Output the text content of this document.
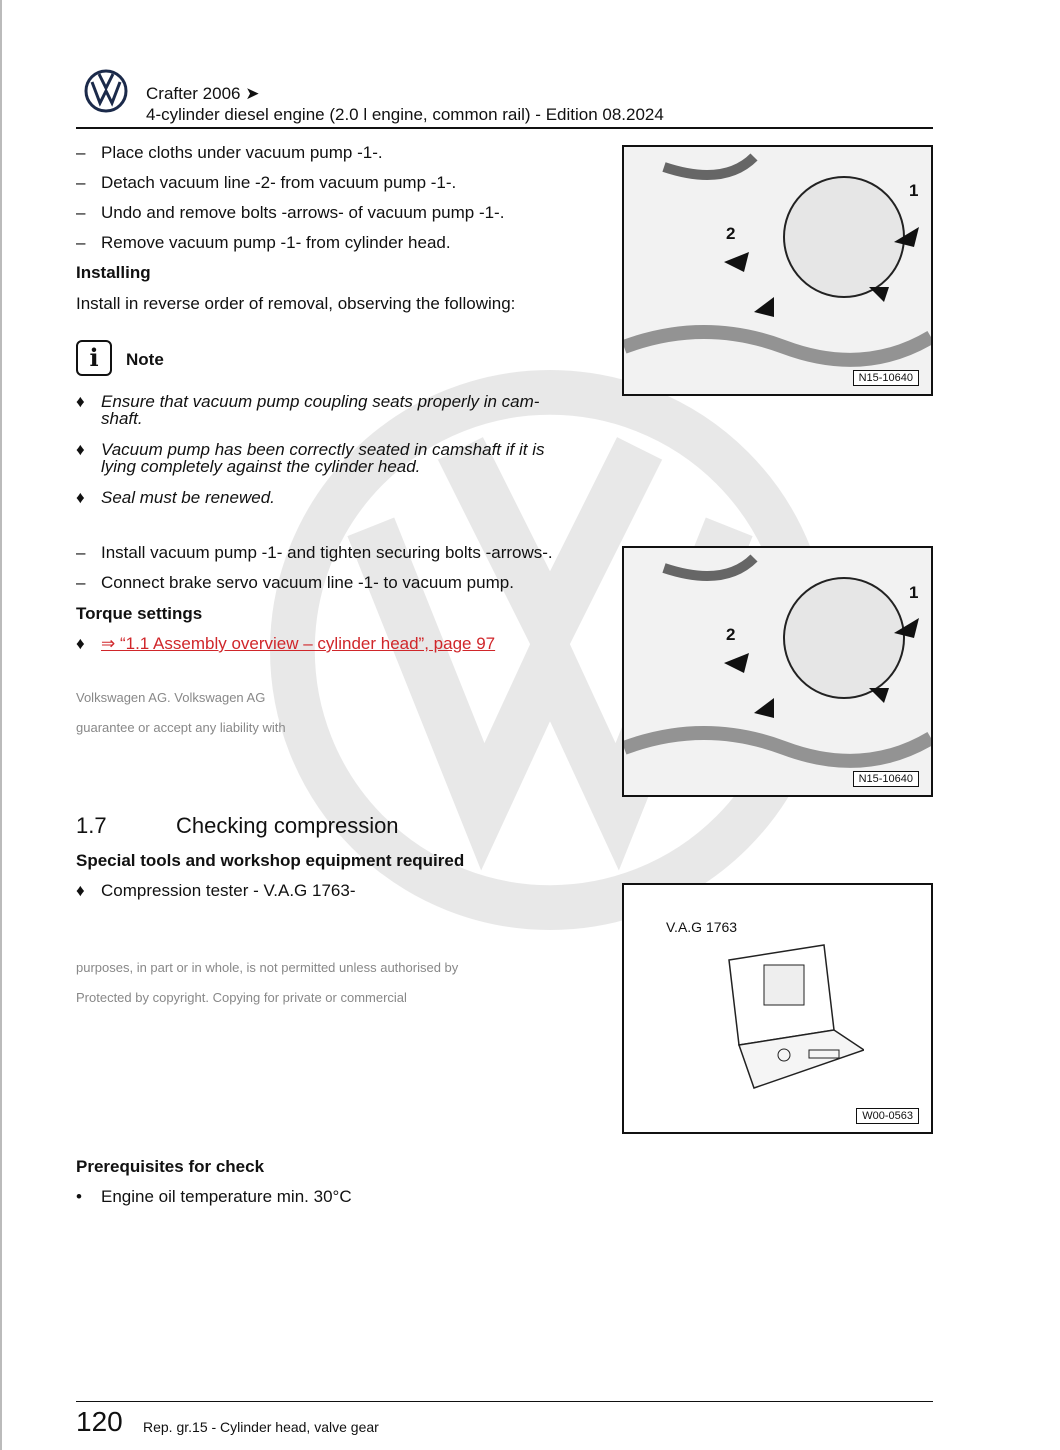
Volkswagen AG. Volkswagen AG
guarantee or accept any liability with
purposes, in part or in whole, is not permitted unless authorised by
Protected by copyright. Copying for private or commercial
Crafter 2006 ➤
4-cylinder diesel engine (2.0 l engine, common rail) - Edition 08.2024
– Place cloths under vacuum pump -1-.
– Detach vacuum line -2- from vacuum pump -1-.
– Undo and remove bolts -arrows- of vacuum pump -1-.
– Remove vacuum pump -1- from cylinder head.
Installing
Install in reverse order of removal, observing the following:
i	Note
♦ Ensure that vacuum pump coupling seats properly in cam-
shaft.
♦ Vacuum pump has been correctly seated in camshaft if it is
lying completely against the cylinder head.
♦ Seal must be renewed.
– Install vacuum pump -1- and tighten securing bolts -arrows-.
– Connect brake servo vacuum line -1- to vacuum pump.
Torque settings
♦ ⇒ “1.1 Assembly overview – cylinder head”, page 97
1.7	Checking compression
Special tools and workshop equipment required
♦ Compression tester - V.A.G 1763-
Prerequisites for check
• Engine oil temperature min. 30°C
1
2
N15-10640
1
2
N15-10640
V.A.G 1763
W00-0563
120 Rep. gr.15 - Cylinder head, valve gear
